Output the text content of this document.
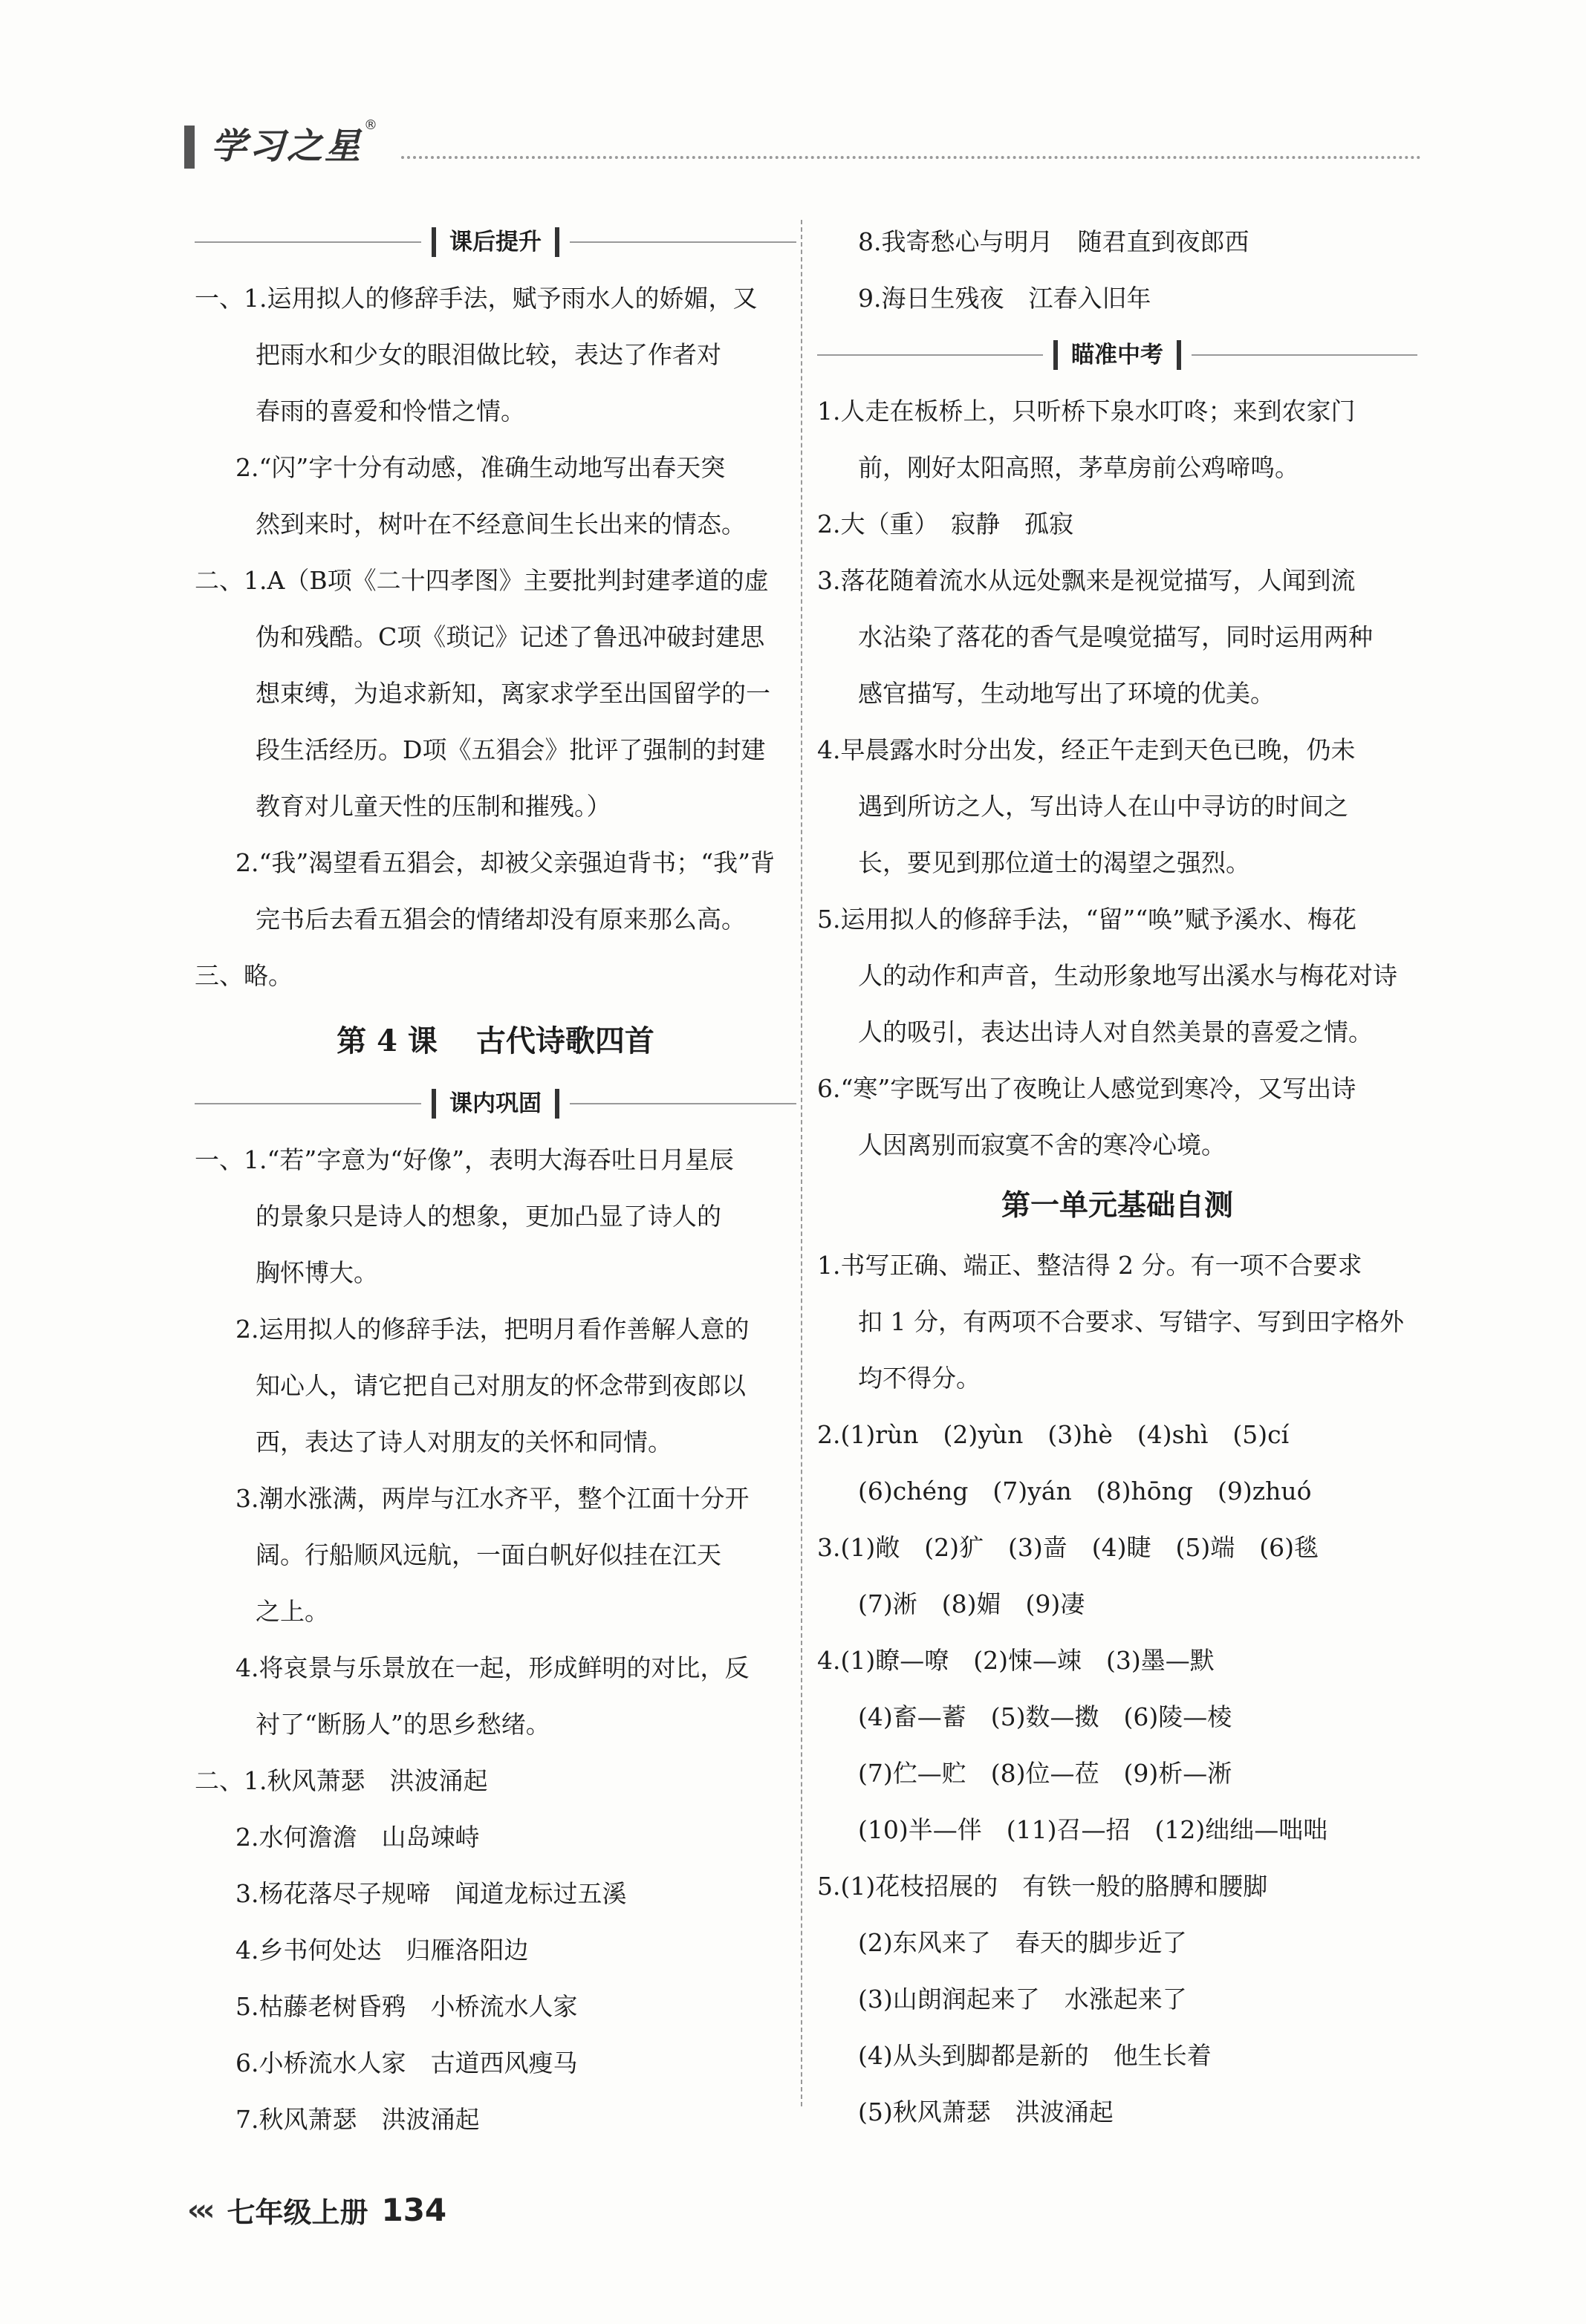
学习之星
®
课后提升
一、1.运用拟人的修辞手法，赋予雨水人的娇媚，又
把雨水和少女的眼泪做比较，表达了作者对
春雨的喜爱和怜惜之情。
2.“闪”字十分有动感，准确生动地写出春天突
然到来时，树叶在不经意间生长出来的情态。
二、1.A（B项《二十四孝图》主要批判封建孝道的虚
伪和残酷。C项《琐记》记述了鲁迅冲破封建思
想束缚，为追求新知，离家求学至出国留学的一
段生活经历。D项《五猖会》批评了强制的封建
教育对儿童天性的压制和摧残。）
2.“我”渴望看五猖会，却被父亲强迫背书；“我”背
完书后去看五猖会的情绪却没有原来那么高。
三、略。
第 4 课 古代诗歌四首
课内巩固
一、1.“若”字意为“好像”，表明大海吞吐日月星辰
的景象只是诗人的想象，更加凸显了诗人的
胸怀博大。
2.运用拟人的修辞手法，把明月看作善解人意的
知心人，请它把自己对朋友的怀念带到夜郎以
西，表达了诗人对朋友的关怀和同情。
3.潮水涨满，两岸与江水齐平，整个江面十分开
阔。行船顺风远航，一面白帆好似挂在江天
之上。
4.将哀景与乐景放在一起，形成鲜明的对比，反
衬了“断肠人”的思乡愁绪。
二、1.秋风萧瑟　洪波涌起
2.水何澹澹　山岛竦峙
3.杨花落尽子规啼　闻道龙标过五溪
4.乡书何处达　归雁洛阳边
5.枯藤老树昏鸦　小桥流水人家
6.小桥流水人家　古道西风瘦马
7.秋风萧瑟　洪波涌起
8.我寄愁心与明月　随君直到夜郎西
9.海日生残夜　江春入旧年
瞄准中考
1.人走在板桥上，只听桥下泉水叮咚；来到农家门
前，刚好太阳高照，茅草房前公鸡啼鸣。
2.大（重）　寂静　孤寂
3.落花随着流水从远处飘来是视觉描写，人闻到流
水沾染了落花的香气是嗅觉描写，同时运用两种
感官描写，生动地写出了环境的优美。
4.早晨露水时分出发，经正午走到天色已晚，仍未
遇到所访之人，写出诗人在山中寻访的时间之
长，要见到那位道士的渴望之强烈。
5.运用拟人的修辞手法，“留”“唤”赋予溪水、梅花
人的动作和声音，生动形象地写出溪水与梅花对诗
人的吸引，表达出诗人对自然美景的喜爱之情。
6.“寒”字既写出了夜晚让人感觉到寒冷，又写出诗
人因离别而寂寞不舍的寒冷心境。
第一单元基础自测
1.书写正确、端正、整洁得 2 分。有一项不合要求
扣 1 分，有两项不合要求、写错字、写到田字格外
均不得分。
2.(1)rùn　(2)yùn　(3)hè　(4)shì　(5)cí
(6)chéng　(7)yán　(8)hōng　(9)zhuó
3.(1)敞　(2)犷　(3)啬　(4)睫　(5)端　(6)毯
(7)淅　(8)媚　(9)凄
4.(1)瞭—嘹　(2)悚—竦　(3)墨—默
(4)畜—蓄　(5)数—擞　(6)陵—棱
(7)伫—贮　(8)位—莅　(9)析—淅
(10)半—伴　(11)召—招　(12)绌绌—咄咄
5.(1)花枝招展的　有铁一般的胳膊和腰脚
(2)东风来了　春天的脚步近了
(3)山朗润起来了　水涨起来了
(4)从头到脚都是新的　他生长着
(5)秋风萧瑟　洪波涌起
‹‹‹ 七年级上册 134
